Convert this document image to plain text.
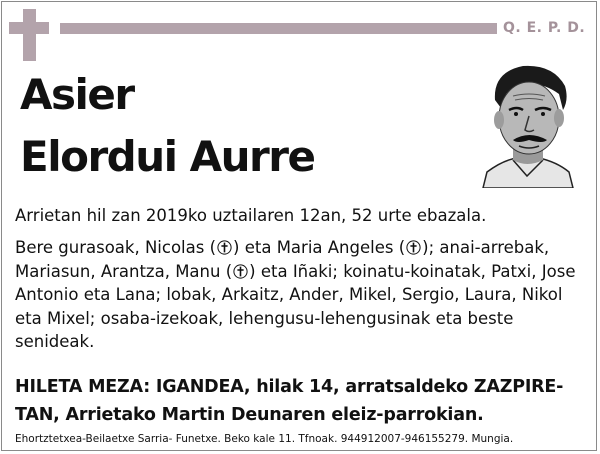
Q. E. P. D.
Asier
Elordui Aurre
Arrietan hil zan 2019ko uztailaren 12an, 52 urte ebazala.
Bere gurasoak, Nicolas ( ) eta Maria Angeles ( ); anai-arrebak, Mariasun, Arantza, Manu ( ) eta Iñaki; koinatu-koinatak, Patxi, Jose Antonio eta Lana; lobak, Arkaitz, Ander, Mikel, Sergio, Laura, Nikol eta Mixel; osaba-izekoak, lehengusu-lehengusinak eta beste senideak.
HILETA MEZA: IGANDEA, hilak 14, arratsaldeko ZAZPIRE-
TAN, Arrietako Martin Deunaren eleiz-parrokian.
Ehortztetxea-Beilaetxe Sarria- Funetxe. Beko kale 11. Tfnoak. 944912007-946155279. Mungia.
